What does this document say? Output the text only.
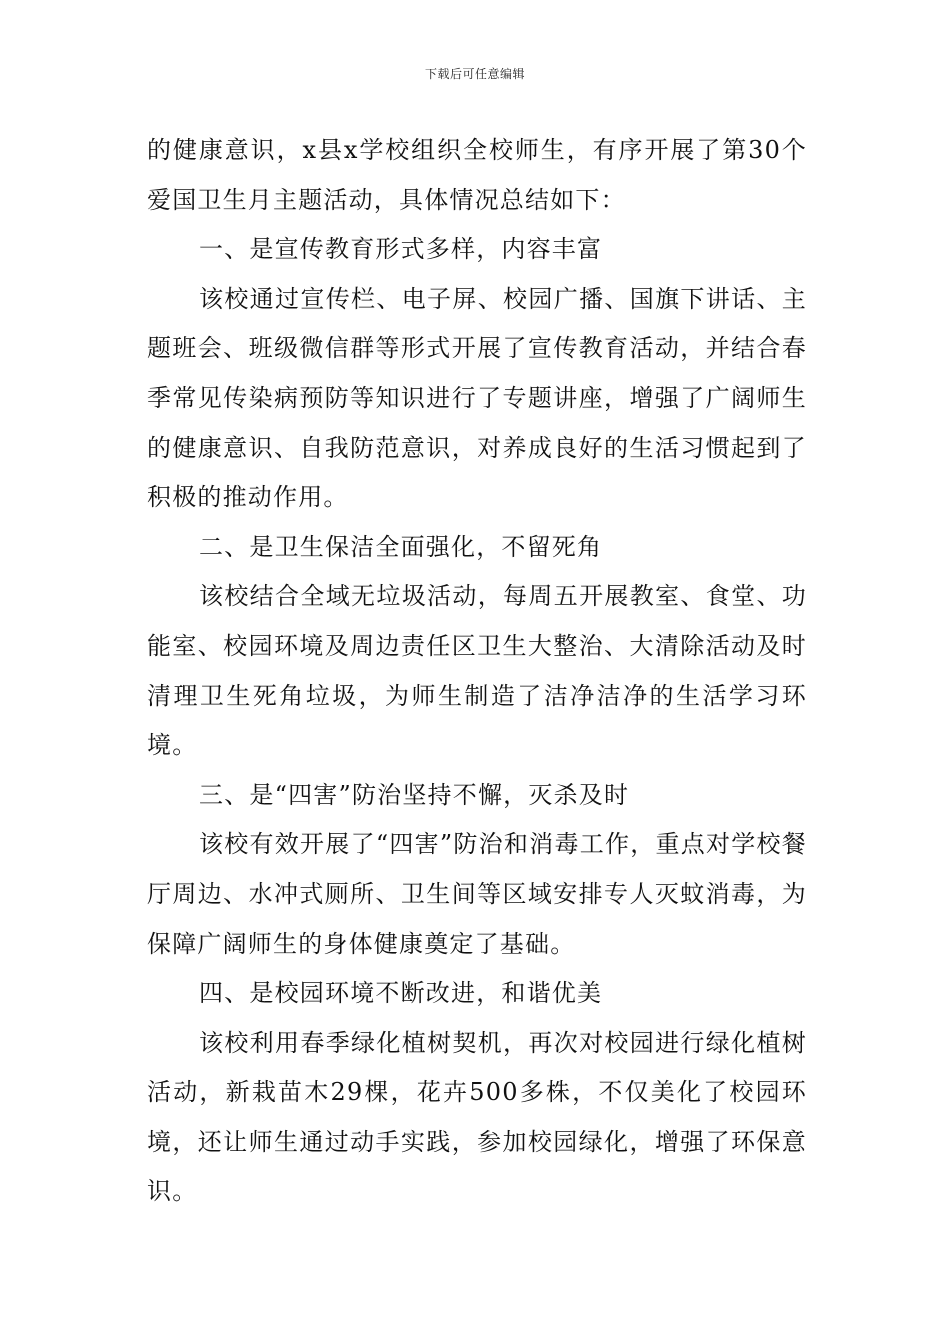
下载后可任意编辑

的健康意识，x县x学校组织全校师生，有序开展了第30个爱国卫生月主题活动，具体情况总结如下：

一、是宣传教育形式多样，内容丰富

该校通过宣传栏、电子屏、校园广播、国旗下讲话、主题班会、班级微信群等形式开展了宣传教育活动，并结合春季常见传染病预防等知识进行了专题讲座，增强了广阔师生的健康意识、自我防范意识，对养成良好的生活习惯起到了积极的推动作用。

二、是卫生保洁全面强化，不留死角

该校结合全域无垃圾活动，每周五开展教室、食堂、功能室、校园环境及周边责任区卫生大整治、大清除活动及时清理卫生死角垃圾，为师生制造了洁净洁净的生活学习环境。

三、是“四害”防治坚持不懈，灭杀及时

该校有效开展了“四害”防治和消毒工作，重点对学校餐厅周边、水冲式厕所、卫生间等区域安排专人灭蚊消毒，为保障广阔师生的身体健康奠定了基础。

四、是校园环境不断改进，和谐优美

该校利用春季绿化植树契机，再次对校园进行绿化植树活动，新栽苗木29棵，花卉500多株，不仅美化了校园环境，还让师生通过动手实践，参加校园绿化，增强了环保意识。
